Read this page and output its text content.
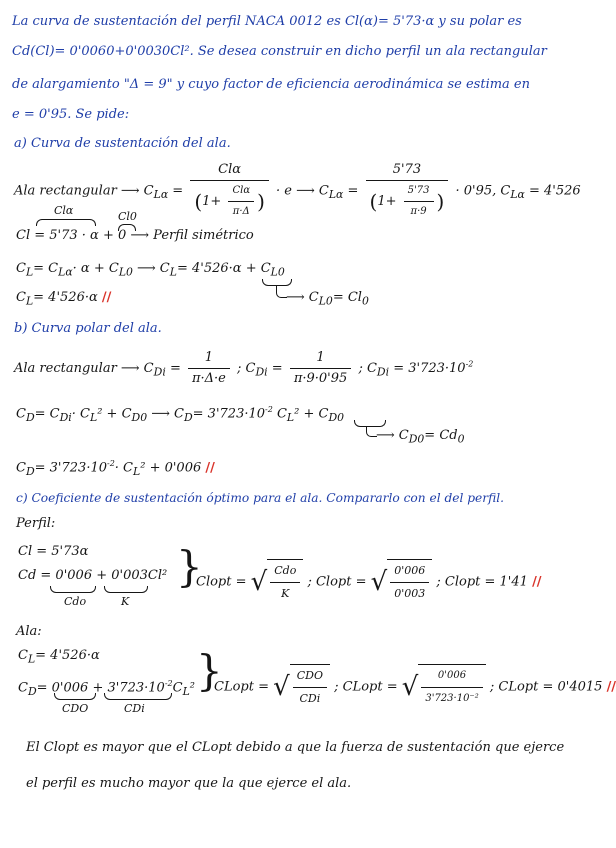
La curva de sustentación del perfil NACA 0012 es Cl(α)= 5'73·α y su polar es
Cd(Cl)= 0'0060+0'0030Cl². Se desea construir en dicho perfil un ala rectangular
de alargamiento "Δ = 9" y cuyo factor de eficiencia aerodinámica se estima en
e = 0'95. Se pide:
a) Curva de sustentación del ala.
Ala rectangular ⟶ $C_{L\alpha} = \frac{\text{Clα}}{(1+ \frac{\text{Clα}}{\pi\cdot\Delta} )} \cdot e$ ⟶ $C_{L\alpha} = \frac{5'73}{(1+ \frac{5'73}{\pi\cdot 9} )} \cdot 0'95$, $C_{L\alpha} = 4'526$
Clα	Cl0
Cl = 5'73 · α + 0 ⟶ Perfil simétrico
$C_L= C_{L\alpha}\cdot \alpha + C_{L0}$ ⟶ $C_L= 4'526\cdot\alpha + C_{L0}$
⟶ $C_{L0}= Cl_0$
$C_L= 4'526\cdot\alpha$ //
b) Curva polar del ala.
Ala rectangular ⟶ $C_{Di} = \frac{1}{\pi\cdot\Delta\cdot e}$ ; $C_{Di} = \frac{1}{\pi\cdot 9\cdot 0'95}$ ; $C_{Di} = 3'723\cdot 10^{-2}$
$C_D= C_{Di}\cdot C_L^2 + C_{D0}$ ⟶ $C_D= 3'723\cdot 10^{-2}$ $C_L^2 + C_{D0}$
⟶ $C_{D0}= Cd_0$
$C_D= 3'723\cdot 10^{-2}\cdot C_L^2 + 0'006$ //
c) Coeficiente de sustentación óptimo para el ala. Compararlo con el del perfil.
Perfil:
Cl = 5'73α
Cd = 0'006 + 0'003Cl²
Cdo	K
}
Clopt = √ $\frac{\text{Cdo}}{K}$ ; Clopt = √ $\frac{0'006}{0'003}$ ; Clopt = 1'41 //
Ala:
$C_L= 4'526\cdot\alpha$
$C_D= 0'006 + 3'723\cdot 10^{-2}C_L^2$
CDO	CDi
}
CLopt = √ $\frac{\text{CDO}}{\text{CDi}}$ ; CLopt = √ $\frac{0'006}{\text{3'723·10⁻²}}$ ; CLopt = 0'4015 //
El Clopt es mayor que el CLopt debido a que la fuerza de sustentación que ejerce
el perfil es mucho mayor que la que ejerce el ala.
